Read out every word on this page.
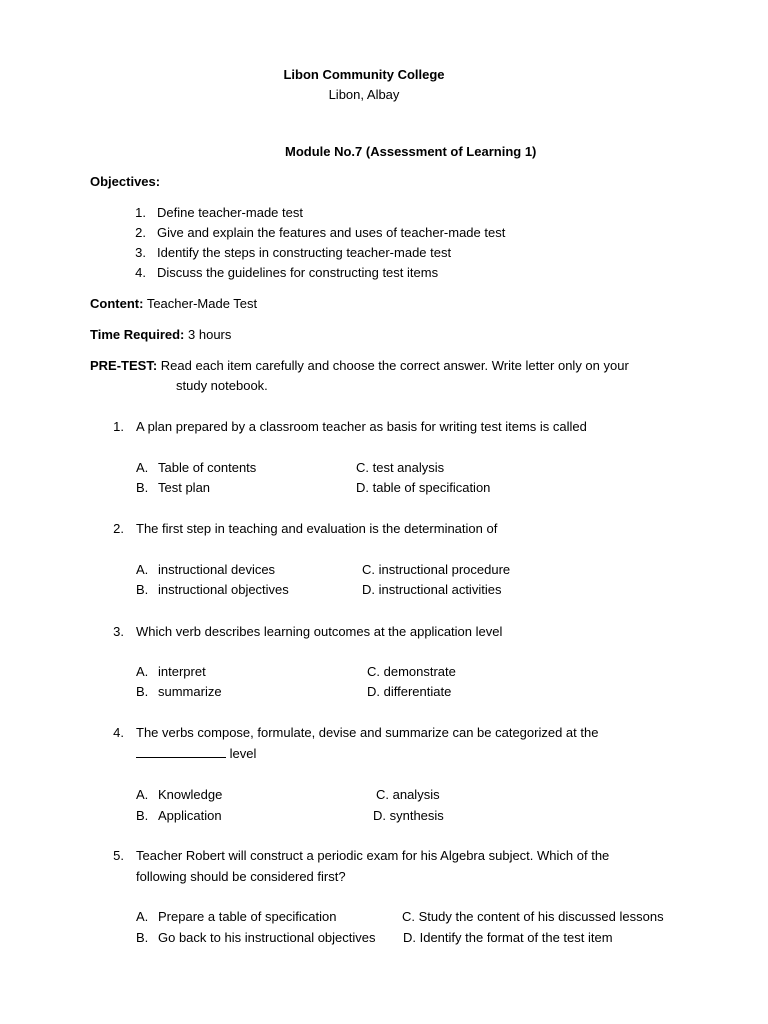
Libon Community College
Libon, Albay
Module No.7 (Assessment of Learning 1)
Objectives:
1. Define teacher-made test
2. Give and explain the features and uses of teacher-made test
3. Identify the steps in constructing teacher-made test
4. Discuss the guidelines for constructing test items
Content: Teacher-Made Test
Time Required: 3 hours
PRE-TEST: Read each item carefully and choose the correct answer. Write letter only on your
study notebook.
1. A plan prepared by a classroom teacher as basis for writing test items is called
A. Table of contents
B. Test plan
C. test analysis
D. table of specification
2. The first step in teaching and evaluation is the determination of
A. instructional devices
B. instructional objectives
C. instructional procedure
D. instructional activities
3. Which verb describes learning outcomes at the application level
A. interpret
B. summarize
C. demonstrate
D. differentiate
4. The verbs compose, formulate, devise and summarize can be categorized at the
level
A. Knowledge
B. Application
C. analysis
D. synthesis
5. Teacher Robert will construct a periodic exam for his Algebra subject. Which of the
following should be considered first?
A. Prepare a table of specification
B. Go back to his instructional objectives
C. Study the content of his discussed lessons
D. Identify the format of the test item
